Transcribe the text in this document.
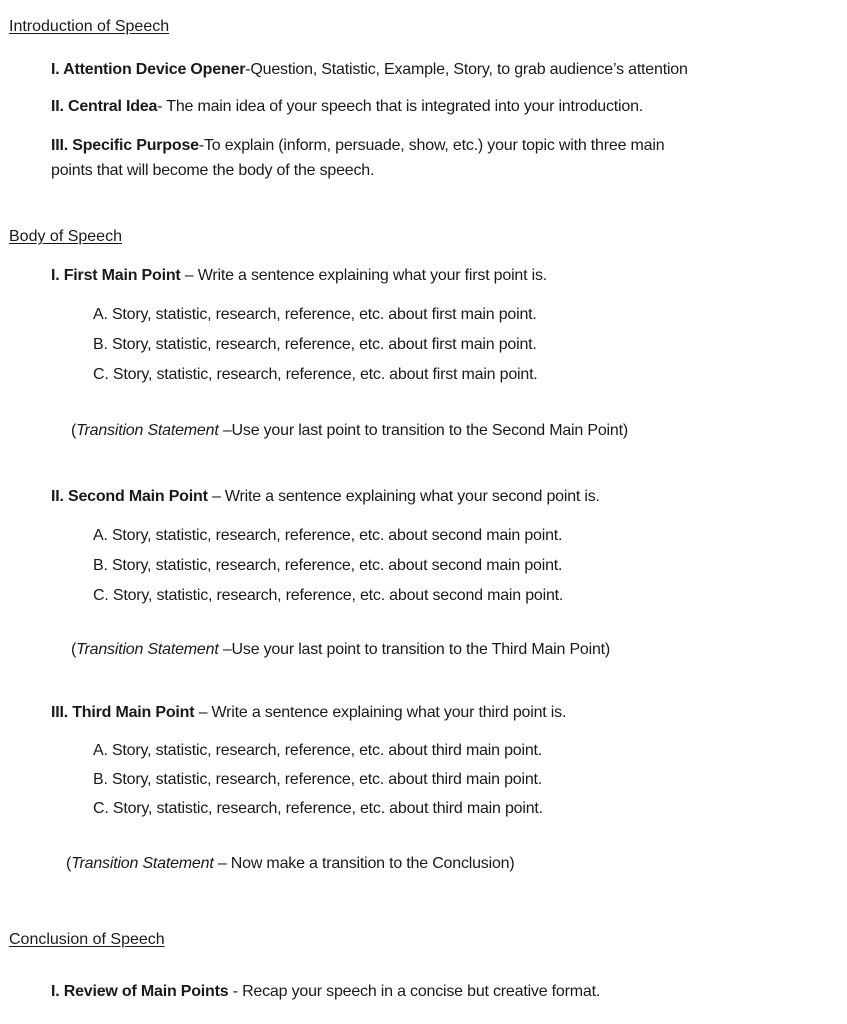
Introduction of Speech
I. Attention Device Opener-Question, Statistic, Example, Story, to grab audience’s attention
II. Central Idea- The main idea of your speech that is integrated into your introduction.
III. Specific Purpose-To explain (inform, persuade, show, etc.) your topic with three main
points that will become the body of the speech.
Body of Speech
I. First Main Point – Write a sentence explaining what your first point is.
A. Story, statistic, research, reference, etc. about first main point.
B. Story, statistic, research, reference, etc. about first main point.
C. Story, statistic, research, reference, etc. about first main point.
(Transition Statement –Use your last point to transition to the Second Main Point)
II. Second Main Point – Write a sentence explaining what your second point is.
A. Story, statistic, research, reference, etc. about second main point.
B. Story, statistic, research, reference, etc. about second main point.
C. Story, statistic, research, reference, etc. about second main point.
(Transition Statement –Use your last point to transition to the Third Main Point)
III. Third Main Point – Write a sentence explaining what your third point is.
A. Story, statistic, research, reference, etc. about third main point.
B. Story, statistic, research, reference, etc. about third main point.
C. Story, statistic, research, reference, etc. about third main point.
(Transition Statement – Now make a transition to the Conclusion)
Conclusion of Speech
I. Review of Main Points - Recap your speech in a concise but creative format.
